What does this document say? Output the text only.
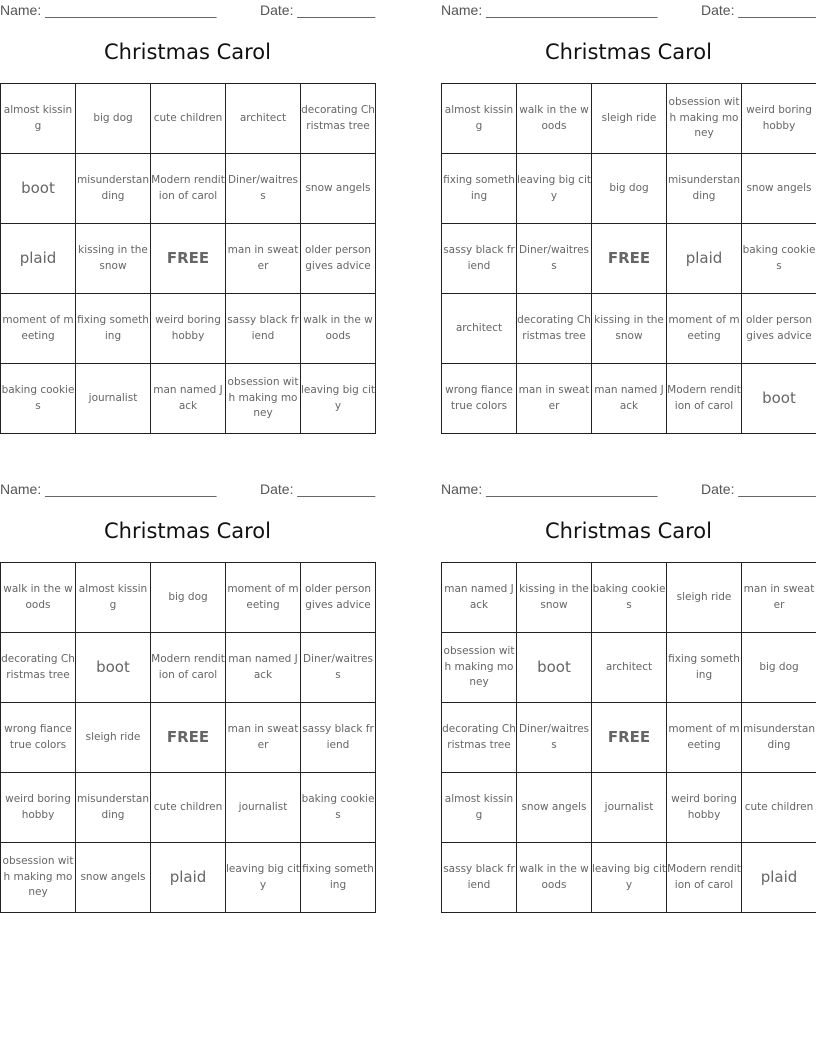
Name: ______________________	Date: __________
Christmas Carol
almost kissing	big dog	cute children	architect	decorating Christmas tree
boot	misunderstanding	Modern rendition of carol	Diner/waitress	snow angels
plaid	kissing in the snow	FREE	man in sweater	older person gives advice
moment of meeting	fixing something	weird boring hobby	sassy black friend	walk in the woods
baking cookies	journalist	man named Jack	obsession with making money	leaving big city
Name: ______________________	Date: __________
Christmas Carol
almost kissing	walk in the woods	sleigh ride	obsession with making money	weird boring hobby
fixing something	leaving big city	big dog	misunderstanding	snow angels
sassy black friend	Diner/waitress	FREE	plaid	baking cookies
architect	decorating Christmas tree	kissing in the snow	moment of meeting	older person gives advice
wrong fiance true colors	man in sweater	man named Jack	Modern rendition of carol	boot
Name: ______________________	Date: __________
Christmas Carol
walk in the woods	almost kissing	big dog	moment of meeting	older person gives advice
decorating Christmas tree	boot	Modern rendition of carol	man named Jack	Diner/waitress
wrong fiance true colors	sleigh ride	FREE	man in sweater	sassy black friend
weird boring hobby	misunderstanding	cute children	journalist	baking cookies
obsession with making money	snow angels	plaid	leaving big city	fixing something
Name: ______________________	Date: __________
Christmas Carol
man named Jack	kissing in the snow	baking cookies	sleigh ride	man in sweater
obsession with making money	boot	architect	fixing something	big dog
decorating Christmas tree	Diner/waitress	FREE	moment of meeting	misunderstanding
almost kissing	snow angels	journalist	weird boring hobby	cute children
sassy black friend	walk in the woods	leaving big city	Modern rendition of carol	plaid
